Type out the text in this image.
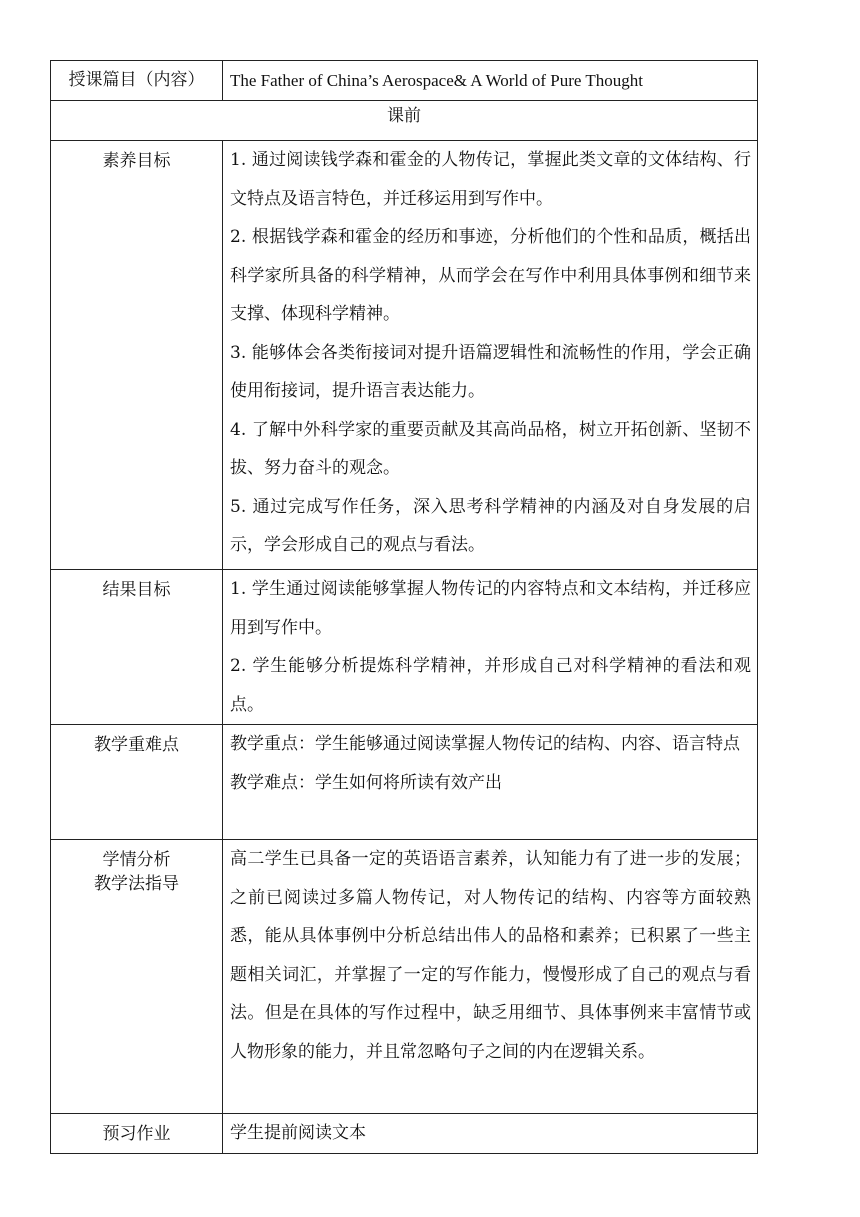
授课篇目（内容）	The Father of China’s Aerospace& A World of Pure Thought
课前	

素养目标	1. 通过阅读钱学森和霍金的人物传记，掌握此类文章的文体结构、行文特点及语言特色，并迁移运用到写作中。
2. 根据钱学森和霍金的经历和事迹，分析他们的个性和品质，概括出科学家所具备的科学精神，从而学会在写作中利用具体事例和细节来支撑、体现科学精神。
3. 能够体会各类衔接词对提升语篇逻辑性和流畅性的作用，学会正确使用衔接词，提升语言表达能力。
4. 了解中外科学家的重要贡献及其高尚品格，树立开拓创新、坚韧不拔、努力奋斗的观念。
5. 通过完成写作任务，深入思考科学精神的内涵及对自身发展的启示，学会形成自己的观点与看法。

结果目标	1. 学生通过阅读能够掌握人物传记的内容特点和文本结构，并迁移应用到写作中。
2. 学生能够分析提炼科学精神，并形成自己对科学精神的看法和观点。

教学重难点	教学重点：学生能够通过阅读掌握人物传记的结构、内容、语言特点
教学难点：学生如何将所读有效产出

学情分析
教学法指导	高二学生已具备一定的英语语言素养，认知能力有了进一步的发展；之前已阅读过多篇人物传记，对人物传记的结构、内容等方面较熟悉，能从具体事例中分析总结出伟人的品格和素养；已积累了一些主题相关词汇，并掌握了一定的写作能力，慢慢形成了自己的观点与看法。但是在具体的写作过程中，缺乏用细节、具体事例来丰富情节或人物形象的能力，并且常忽略句子之间的内在逻辑关系。

预习作业	学生提前阅读文本
